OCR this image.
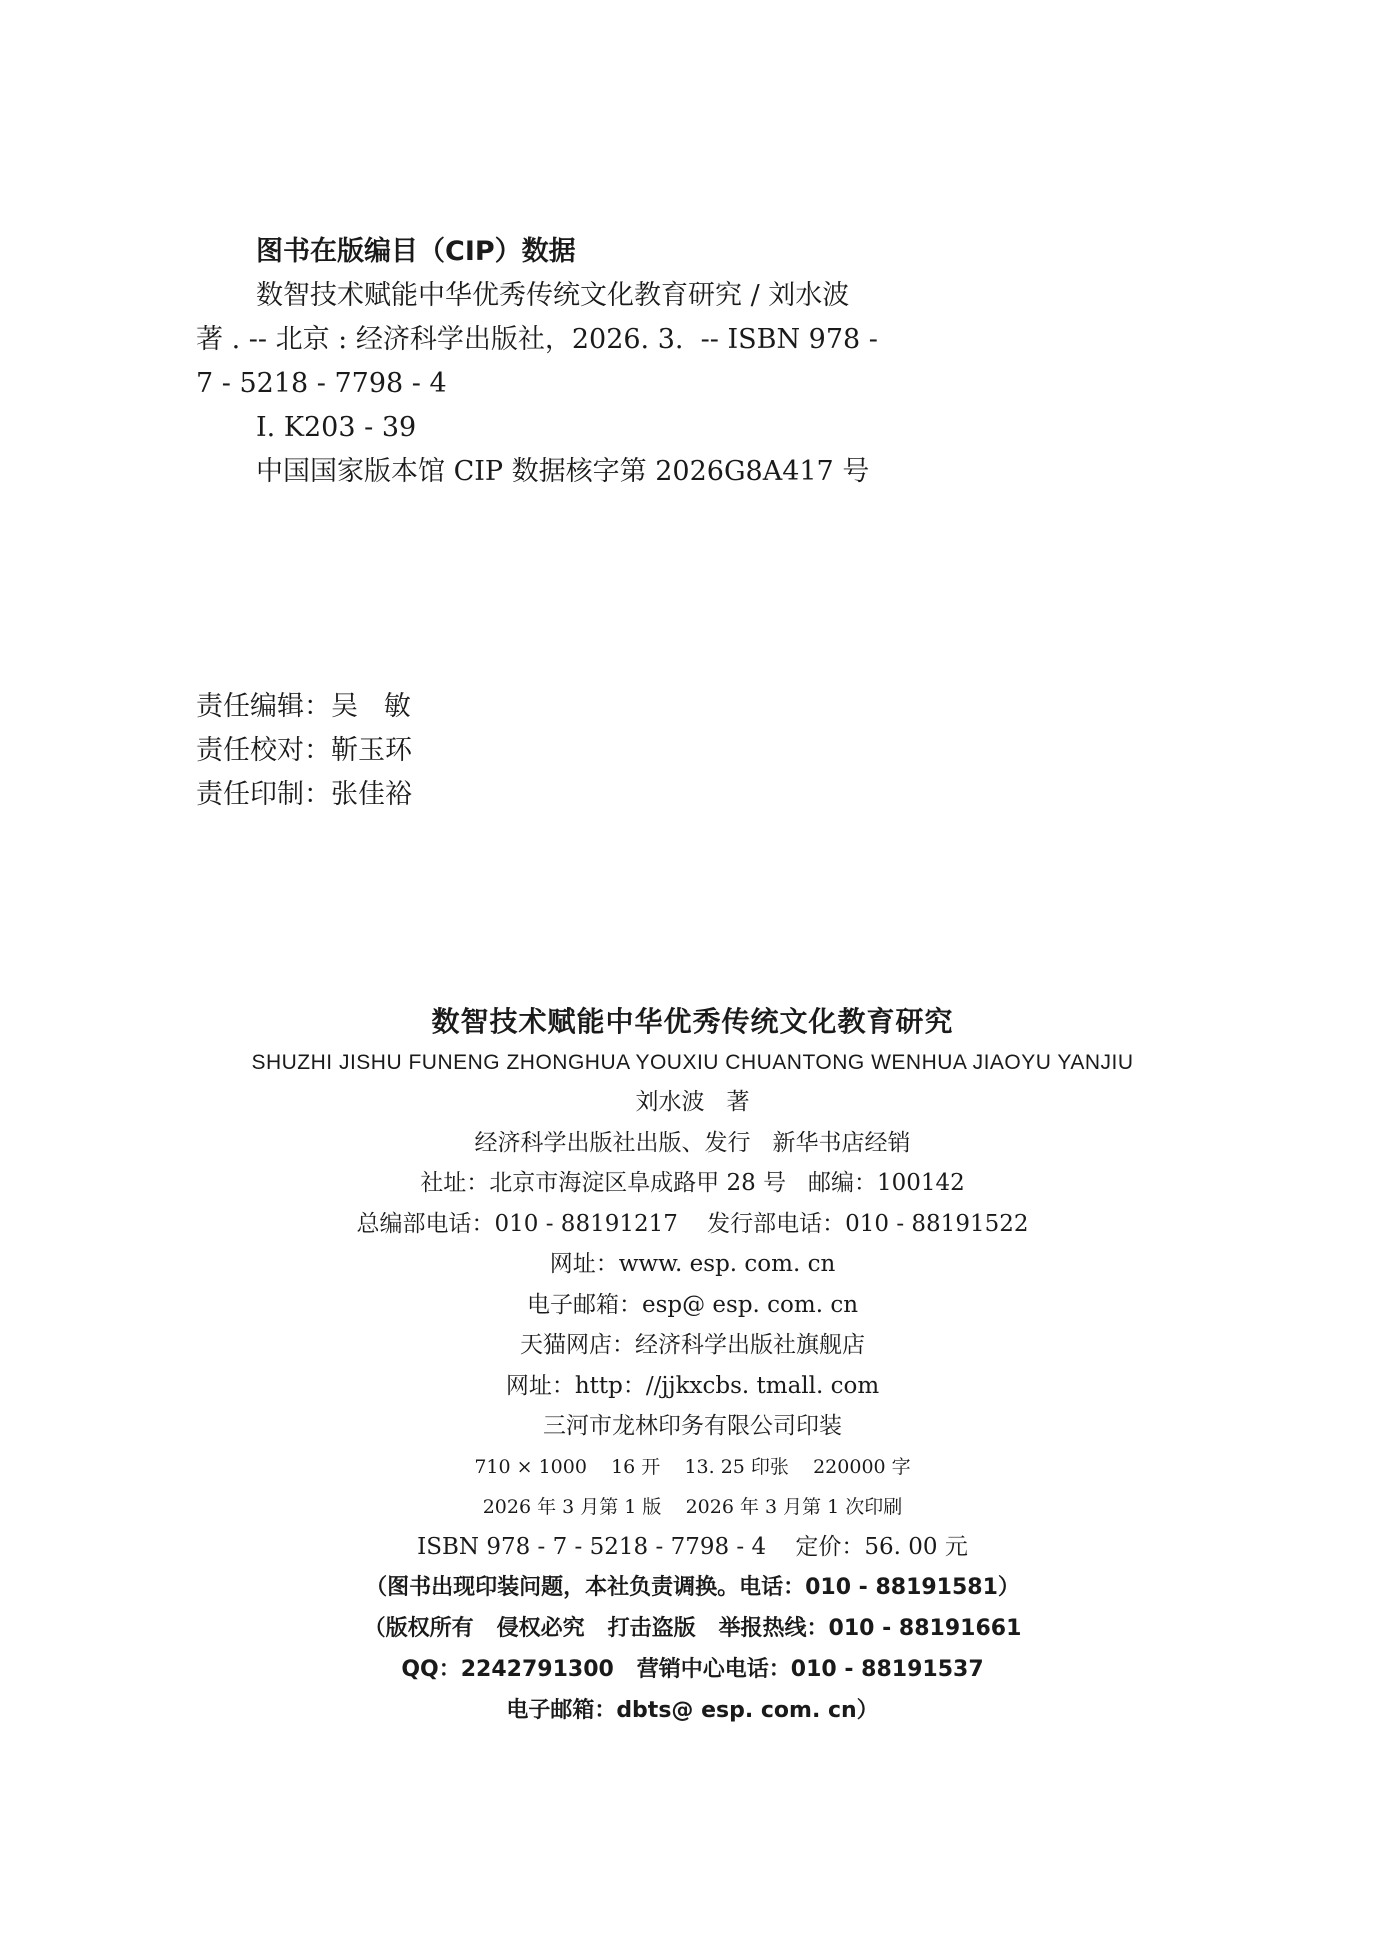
图书在版编目（CIP）数据
数智技术赋能中华优秀传统文化教育研究 / 刘水波
著 . -- 北京 : 经济科学出版社，2026. 3.  -- ISBN 978 -
7 - 5218 - 7798 - 4
Ⅰ. K203 - 39
中国国家版本馆 CIP 数据核字第 2026G8A417 号
责任编辑：吴   敏
责任校对：靳玉环
责任印制：张佳裕
数智技术赋能中华优秀传统文化教育研究
SHUZHI JISHU FUNENG ZHONGHUA YOUXIU CHUANTONG WENHUA JIAOYU YANJIU
刘水波   著
经济科学出版社出版、发行   新华书店经销
社址：北京市海淀区阜成路甲 28 号   邮编：100142
总编部电话：010 - 88191217    发行部电话：010 - 88191522
网址：www. esp. com. cn
电子邮箱：esp@ esp. com. cn
天猫网店：经济科学出版社旗舰店
网址：http：//jjkxcbs. tmall. com
三河市龙林印务有限公司印装
710 × 1000    16 开    13. 25 印张    220000 字
2026 年 3 月第 1 版    2026 年 3 月第 1 次印刷
ISBN 978 - 7 - 5218 - 7798 - 4    定价：56. 00 元
（图书出现印装问题，本社负责调换。电话：010 - 88191581）
（版权所有   侵权必究   打击盗版   举报热线：010 - 88191661
QQ：2242791300   营销中心电话：010 - 88191537
电子邮箱：dbts@ esp. com. cn）
